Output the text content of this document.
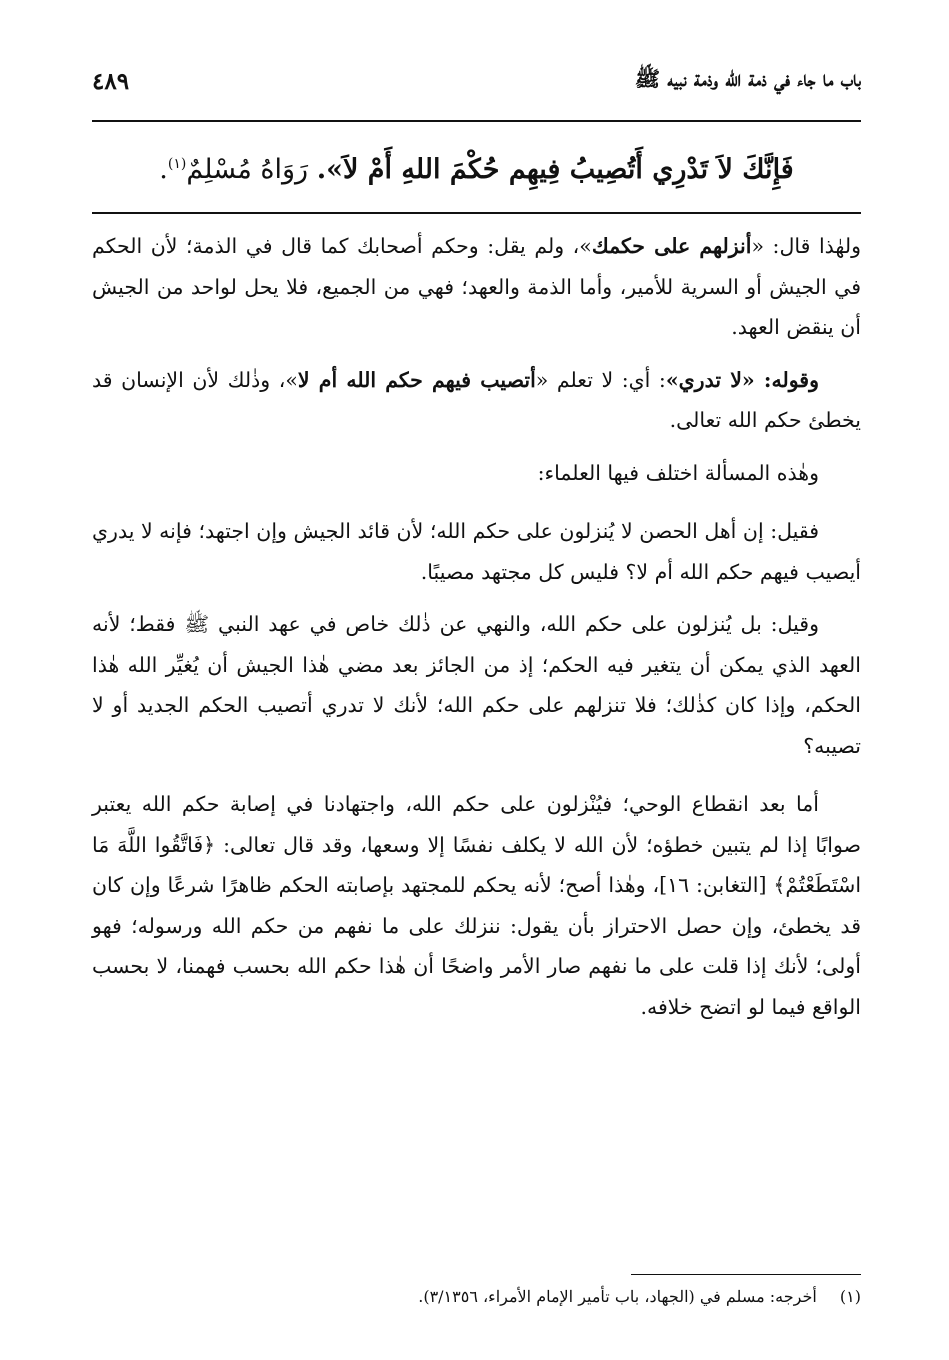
باب ما جاء في ذمة الله وذمة نبيه ﷺ
٤٨٩
فَإِنَّكَ لاَ تَدْرِي أَتُصِيبُ فِيهِم حُكْمَ اللهِ أَمْ لاَ». رَوَاهُ مُسْلِمٌ$^{(١)}$.

ولهٰذا قال: «أنزلهم على حكمك»، ولم يقل: وحكم أصحابك كما قال في الذمة؛ لأن الحكم في الجيش أو السرية للأمير، وأما الذمة والعهد؛ فهي من الجميع، فلا يحل لواحد من الجيش أن ينقض العهد.

وقوله: «لا تدري»: أي: لا تعلم «أتصيب فيهم حكم الله أم لا»، وذٰلك لأن الإنسان قد يخطئ حكم الله تعالى.

وهٰذه المسألة اختلف فيها العلماء:

فقيل: إن أهل الحصن لا يُنزلون على حكم الله؛ لأن قائد الجيش وإن اجتهد؛ فإنه لا يدري أيصيب فيهم حكم الله أم لا؟ فليس كل مجتهد مصيبًا.

وقيل: بل يُنزلون على حكم الله، والنهي عن ذٰلك خاص في عهد النبي ﷺ فقط؛ لأنه العهد الذي يمكن أن يتغير فيه الحكم؛ إذ من الجائز بعد مضي هٰذا الجيش أن يُغيِّر الله هٰذا الحكم، وإذا كان كذٰلك؛ فلا تنزلهم على حكم الله؛ لأنك لا تدري أتصيب الحكم الجديد أو لا تصيبه؟

أما بعد انقطاع الوحي؛ فيُنْزلون على حكم الله، واجتهادنا في إصابة حكم الله يعتبر صوابًا إذا لم يتبين خطؤه؛ لأن الله لا يكلف نفسًا إلا وسعها، وقد قال تعالى: ﴿فَاتَّقُوا اللَّهَ مَا اسْتَطَعْتُمْ﴾ [التغابن: ١٦]، وهٰذا أصح؛ لأنه يحكم للمجتهد بإصابته الحكم ظاهرًا شرعًا وإن كان قد يخطئ، وإن حصل الاحتراز بأن يقول: ننزلك على ما نفهم من حكم الله ورسوله؛ فهو أولى؛ لأنك إذا قلت على ما نفهم صار الأمر واضحًا أن هٰذا حكم الله بحسب فهمنا، لا بحسب الواقع فيما لو اتضح خلافه.

(١) أخرجه: مسلم في (الجهاد، باب تأمير الإمام الأمراء، ٣/١٣٥٦).
